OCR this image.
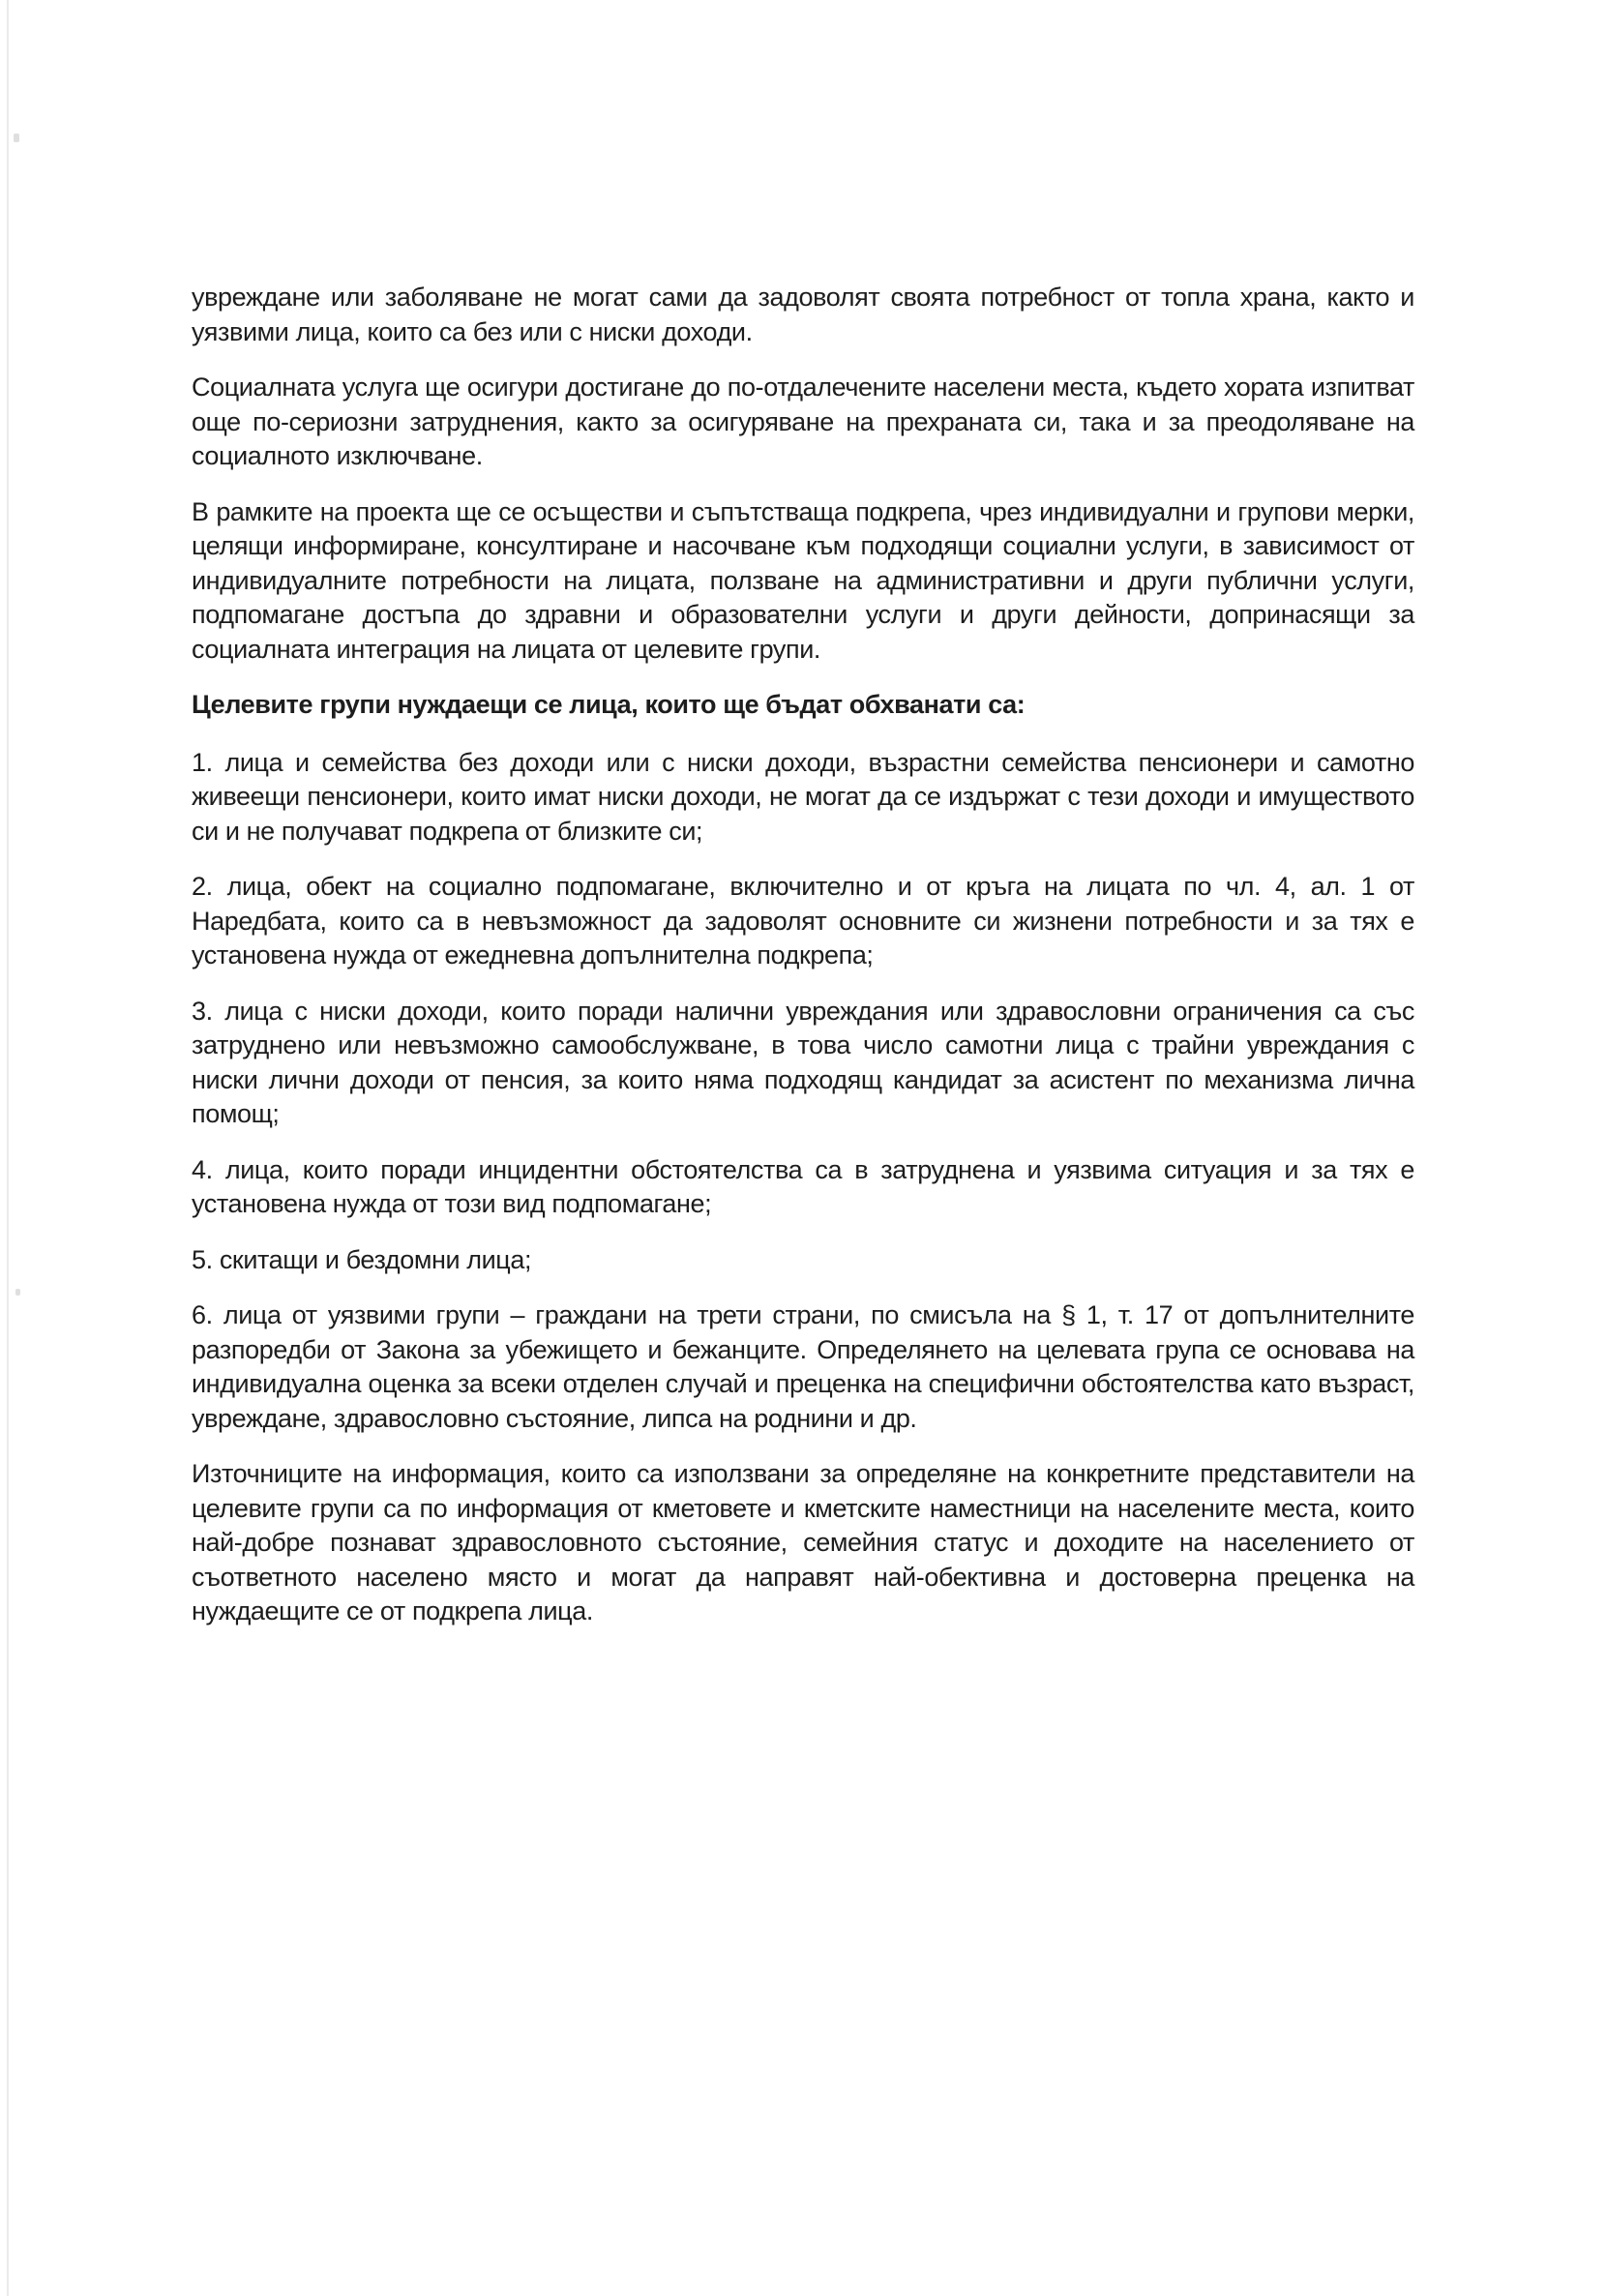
увреждане или заболяване не могат сами да задоволят своята потребност от топла храна, както и уязвими лица, които са без или с ниски доходи.

Социалната услуга ще осигури достигане до по-отдалечените населени места, където хората изпитват още по-сериозни затруднения, както за осигуряване на прехраната си, така и за преодоляване на социалното изключване.

В рамките на проекта ще се осъществи и съпътстваща подкрепа, чрез индивидуални и групови мерки, целящи информиране, консултиране и насочване към подходящи социални услуги, в зависимост от индивидуалните потребности на лицата, ползване на административни и други публични услуги, подпомагане достъпа до здравни и образователни услуги и други дейности, допринасящи за социалната интеграция на лицата от целевите групи.

Целевите групи нуждаещи се лица, които ще бъдат обхванати са:

1. лица и семейства без доходи или с ниски доходи, възрастни семейства пенсионери и самотно живеещи пенсионери, които имат ниски доходи, не могат да се издържат с тези доходи и имуществото си и не получават подкрепа от близките си;

2. лица, обект на социално подпомагане, включително и от кръга на лицата по чл. 4, ал. 1 от Наредбата, които са в невъзможност да задоволят основните си жизнени потребности и за тях е установена нужда от ежедневна допълнителна подкрепа;

3. лица с ниски доходи, които поради налични увреждания или здравословни ограничения са със затруднено или невъзможно самообслужване, в това число самотни лица с трайни увреждания с ниски лични доходи от пенсия, за които няма подходящ кандидат за асистент по механизма лична помощ;

4. лица, които поради инцидентни обстоятелства са в затруднена и уязвима ситуация и за тях е установена нужда от този вид подпомагане;

5. скитащи и бездомни лица;

6. лица от уязвими групи – граждани на трети страни, по смисъла на § 1, т. 17 от допълнителните разпоредби от Закона за убежището и бежанците. Определянето на целевата група се основава на индивидуална оценка за всеки отделен случай и преценка на специфични обстоятелства като възраст, увреждане, здравословно състояние, липса на роднини и др.

Източниците на информация, които са използвани за определяне на конкретните представители на целевите групи са по информация от кметовете и кметските наместници на населените места, които най-добре познават здравословното състояние, семейния статус и доходите на населението от съответното населено място и могат да направят най-обективна и достоверна преценка на нуждаещите се от подкрепа лица.
